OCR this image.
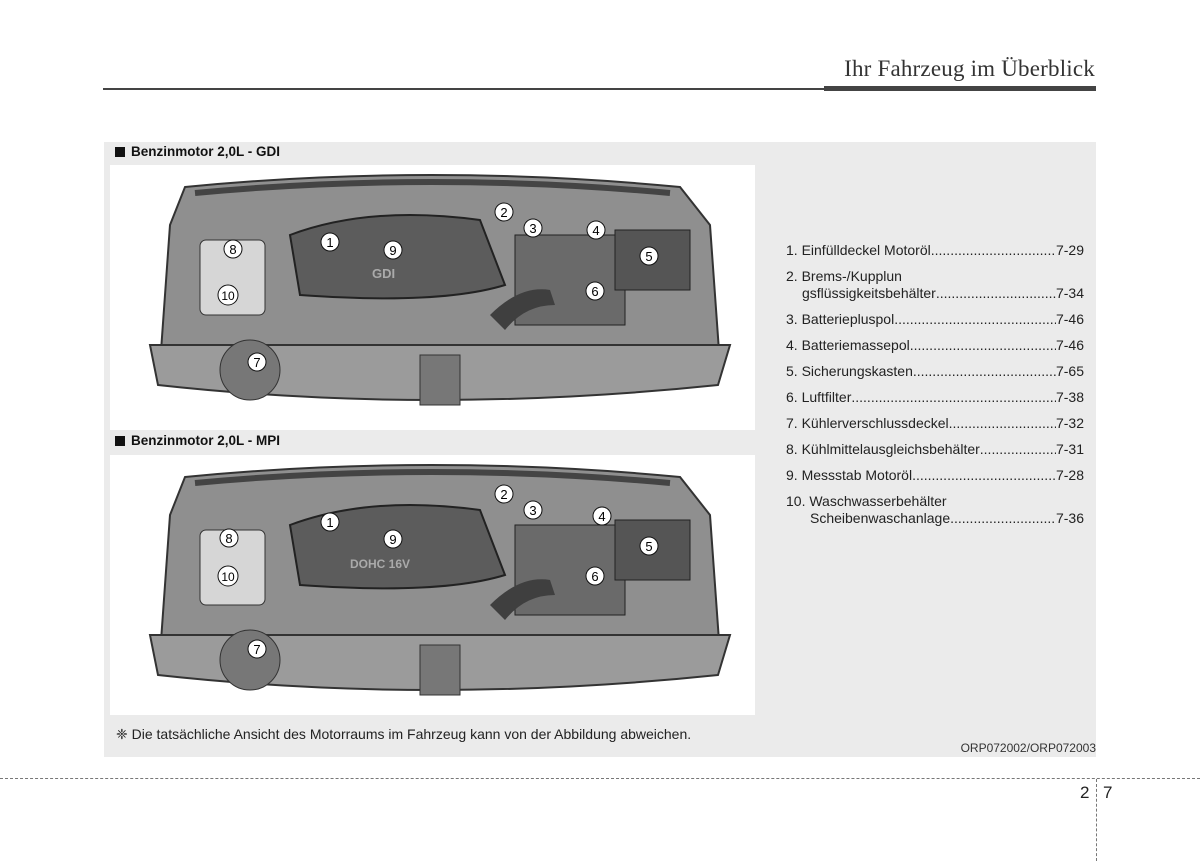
Ihr Fahrzeug im Überblick
Benzinmotor 2,0L - GDI
GDI
1
2
3	4
5
6
7
8
10
9
Benzinmotor 2,0L - MPI
DOHC 16V
1
2
3	4
5
6
7
8
10
9
1. Einfülldeckel Motoröl .....	7-29
2. Brems-/Kupplun
gsflüssigkeitsbehälter .....	7-34
3. Batteriepluspol .....	7-46
4. Batteriemassepol .....	7-46
5. Sicherungskasten .....	7-65
6. Luftfilter .....	7-38
7. Kühlerverschlussdeckel .....	7-32
8. Kühlmittelausgleichsbehälter .....	7-31
9. Messstab Motoröl .....	7-28
10. Waschwasserbehälter
Scheibenwaschanlage .....	7-36
❈ Die tatsächliche Ansicht des Motorraums im Fahrzeug kann von der Abbildung abweichen.
ORP072002/ORP072003
2 7
